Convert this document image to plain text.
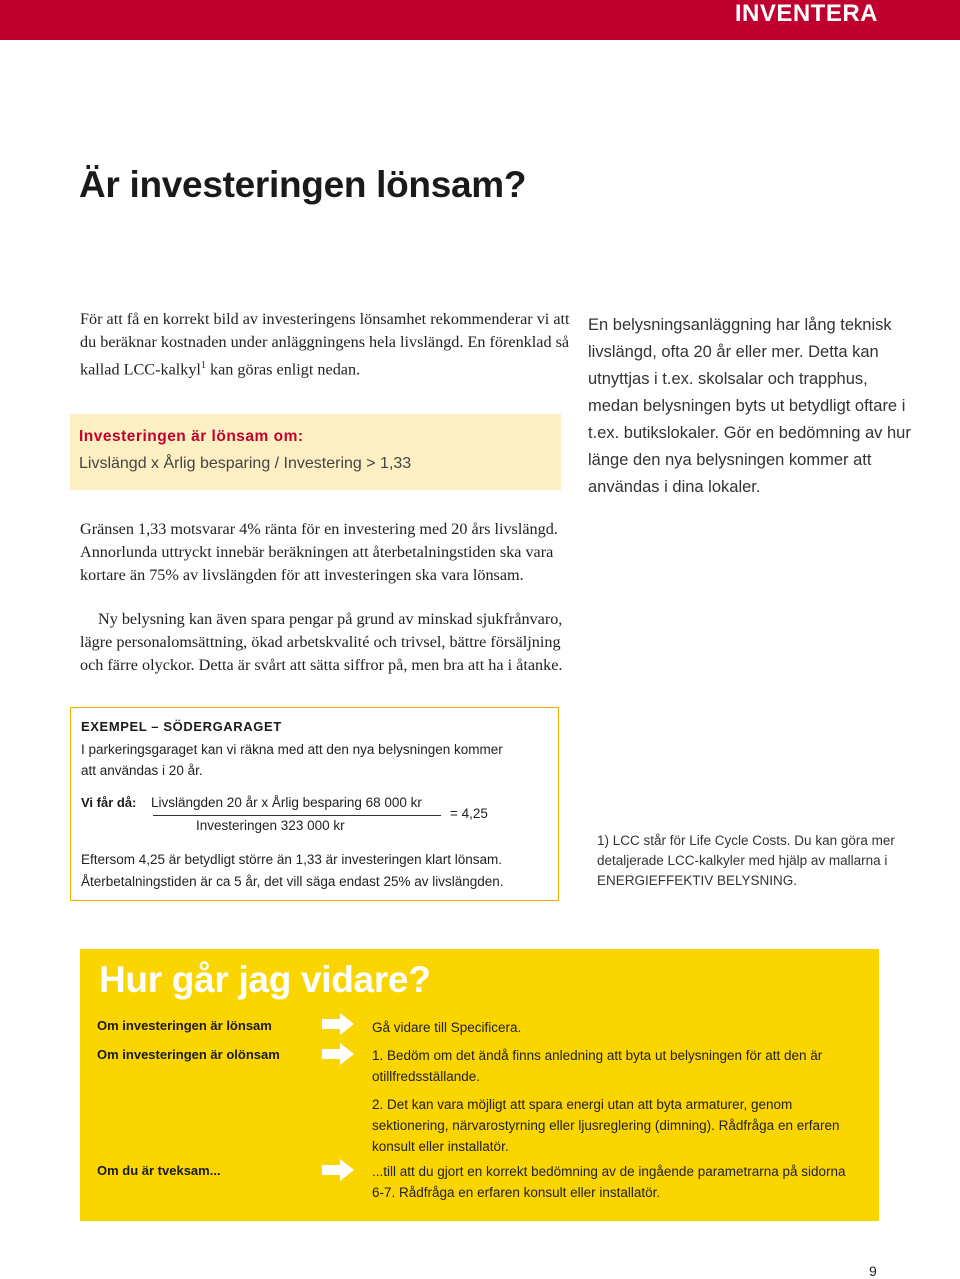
INVENTERA
Är investeringen lönsam?

För att få en korrekt bild av investeringens lönsamhet rekommenderar vi att du beräknar kostnaden under anläggningens hela livslängd. En förenklad så kallad LCC-kalkyl$^1$ kan göras enligt nedan.

Investeringen är lönsam om:
Livslängd x Årlig besparing / Investering > 1,33

Gränsen 1,33 motsvarar 4% ränta för en investering med 20 års livslängd. Annorlunda uttryckt innebär beräkningen att återbetalningstiden ska vara kortare än 75% av livslängden för att investeringen ska vara lönsam.

Ny belysning kan även spara pengar på grund av minskad sjukfrånvaro, lägre personalomsättning, ökad arbetskvalité och trivsel, bättre försäljning och färre olyckor. Detta är svårt att sätta siffror på, men bra att ha i åtanke.

En belysningsanläggning har lång teknisk livslängd, ofta 20 år eller mer. Detta kan utnyttjas i t.ex. skolsalar och trapphus, medan belysningen byts ut betydligt oftare i t.ex. butikslokaler. Gör en bedömning av hur länge den nya belysningen kommer att användas i dina lokaler.

EXEMPEL – SÖDERGARAGET

I parkeringsgaraget kan vi räkna med att den nya belysningen kommer att användas i 20 år.

Vi får då: Livslängden 20 år x Årlig besparing 68 000 kr
Investeringen 323 000 kr
= 4,25
Eftersom 4,25 är betydligt större än 1,33 är investeringen klart lönsam.
Återbetalningstiden är ca 5 år, det vill säga endast 25% av livslängden.

1) LCC står för Life Cycle Costs. Du kan göra mer detaljerade LCC-kalkyler med hjälp av mallarna i ENERGIEFFEKTIV BELYSNING.

Hur går jag vidare?
Om investeringen är lönsam	Gå vidare till Specificera.

Om investeringen är olönsam	1. Bedöm om det ändå finns anledning att byta ut belysningen för att den är otillfredsställande.

2. Det kan vara möjligt att spara energi utan att byta armaturer, genom sektionering, närvarostyrning eller ljusreglering (dimning). Rådfråga en erfaren konsult eller installatör.

Om du är tveksam...	...till att du gjort en korrekt bedömning av de ingående parametrarna på sidorna 6-7. Rådfråga en erfaren konsult eller installatör.

9
